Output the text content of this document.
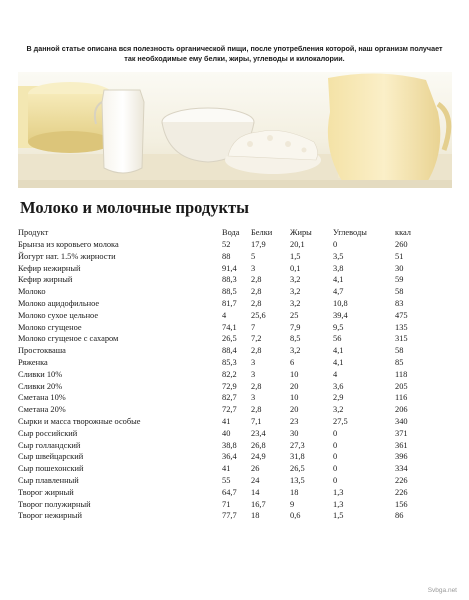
В данной статье описана вся полезность органической пищи, после употребления которой, наш организм получает
так необходимые ему белки, жиры, углеводы и килокалории.
Молоко и молочные продукты
Продукт	Вода	Белки	Жиры	Углеводы	ккал
Брынза из коровьего молока	52	17,9	20,1	0	260
Йогурт нат. 1.5% жирности	88	5	1,5	3,5	51
Кефир нежирный	91,4	3	0,1	3,8	30
Кефир жирный	88,3	2,8	3,2	4,1	59
Молоко	88,5	2,8	3,2	4,7	58
Молоко ацидофильное	81,7	2,8	3,2	10,8	83
Молоко сухое цельное	4	25,6	25	39,4	475
Молоко сгущеное	74,1	7	7,9	9,5	135
Молоко сгущеное с сахаром	26,5	7,2	8,5	56	315
Простокваша	88,4	2,8	3,2	4,1	58
Ряженка	85,3	3	6	4,1	85
Сливки 10%	82,2	3	10	4	118
Сливки 20%	72,9	2,8	20	3,6	205
Сметана 10%	82,7	3	10	2,9	116
Сметана 20%	72,7	2,8	20	3,2	206
Сырки и масса творожные особые	41	7,1	23	27,5	340
Сыр российский	40	23,4	30	0	371
Сыр голландский	38,8	26,8	27,3	0	361
Сыр швейцарский	36,4	24,9	31,8	0	396
Сыр пошехонский	41	26	26,5	0	334
Сыр плавленный	55	24	13,5	0	226
Творог жирный	64,7	14	18	1,3	226
Творог полужирный	71	16,7	9	1,3	156
Творог нежирный	77,7	18	0,6	1,5	86
Svbga.net
